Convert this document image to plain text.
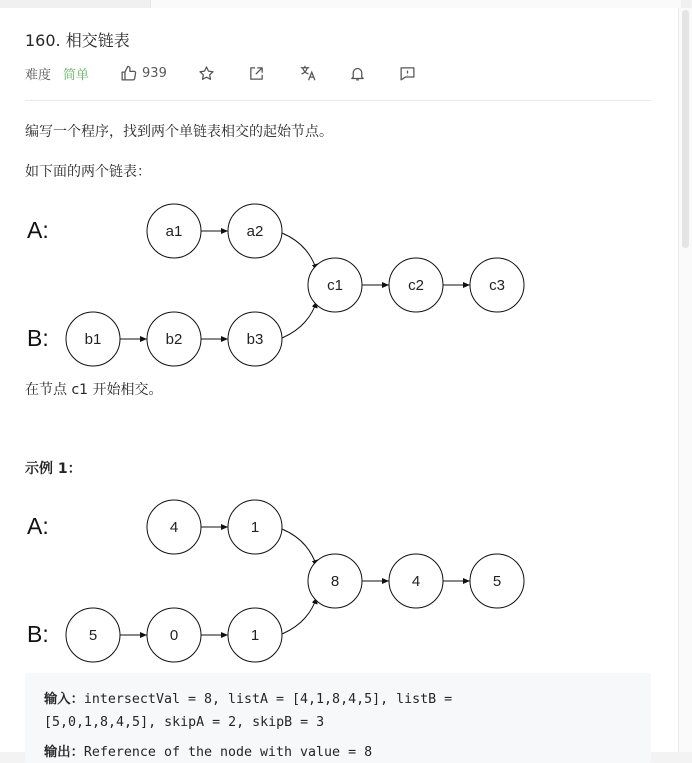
160. 相交链表
难度 简单	939
编写一个程序，找到两个单链表相交的起始节点。
如下面的两个链表：
A:
B:
a1	a2
b1	b2	b3
c1	c2	c3
在节点 c1 开始相交。
示例 1：
A:
B:
4	1
5	0	1
8	4	5
输入：intersectVal = 8, listA = [4,1,8,4,5], listB =
[5,0,1,8,4,5], skipA = 2, skipB = 3
输出：Reference of the node with value = 8
